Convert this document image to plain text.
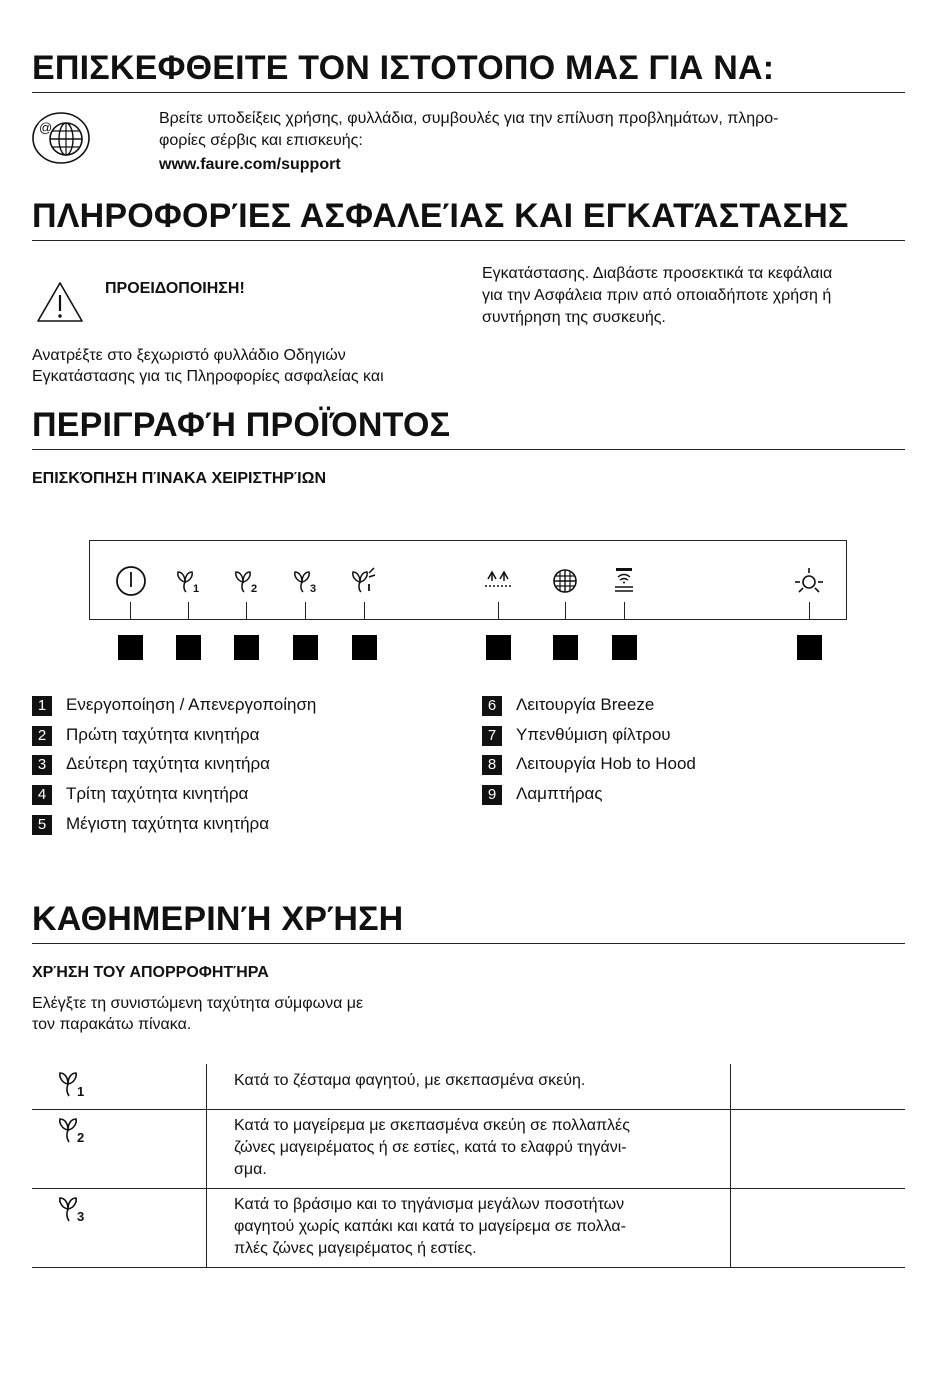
ΕΠΙΣΚΕΦΘΕΙΤΕ ΤΟΝ ΙΣΤΟΤΟΠΟ ΜΑΣ ΓΙΑ ΝΑ:
@
Βρείτε υποδείξεις χρήσης, φυλλάδια, συμβουλές για την επίλυση προβλημάτων, πληρο-
φορίες σέρβις και επισκευής:
www.faure.com/support
ΠΛΗΡΟΦΟΡΊΕΣ ΑΣΦΑΛΕΊΑΣ ΚΑΙ ΕΓΚΑΤΆΣΤΑΣΗΣ
ΠΡΟΕΙΔΟΠΟΙΗΣΗ!
Ανατρέξτε στο ξεχωριστό φυλλάδιο Οδηγιών
Εγκατάστασης για τις Πληροφορίες ασφαλείας και
Εγκατάστασης. Διαβάστε προσεκτικά τα κεφάλαια
για την Ασφάλεια πριν από οποιαδήποτε χρήση ή
συντήρηση της συσκευής.
ΠΕΡΙΓΡΑΦΉ ΠΡΟΪΌΝΤΟΣ
ΕΠΙΣΚΌΠΗΣΗ ΠΊΝΑΚΑ ΧΕΙΡΙΣΤΗΡΊΩΝ
1	2	3
1 Ενεργοποίηση / Απενεργοποίηση
2 Πρώτη ταχύτητα κινητήρα
3 Δεύτερη ταχύτητα κινητήρα
4 Τρίτη ταχύτητα κινητήρα
5 Μέγιστη ταχύτητα κινητήρα
6 Λειτουργία Breeze
7 Υπενθύμιση φίλτρου
8 Λειτουργία Hob to Hood
9 Λαμπτήρας
ΚΑΘΗΜΕΡΙΝΉ ΧΡΉΣΗ
ΧΡΉΣΗ ΤΟΥ ΑΠΟΡΡΟΦΗΤΉΡΑ
Ελέγξτε τη συνιστώμενη ταχύτητα σύμφωνα με
τον παρακάτω πίνακα.
1
Κατά το ζέσταμα φαγητού, με σκεπασμένα σκεύη.
2
Κατά το μαγείρεμα με σκεπασμένα σκεύη σε πολλαπλές
ζώνες μαγειρέματος ή σε εστίες, κατά το ελαφρύ τηγάνι-
σμα.
3
Κατά το βράσιμο και το τηγάνισμα μεγάλων ποσοτήτων
φαγητού χωρίς καπάκι και κατά το μαγείρεμα σε πολλα-
πλές ζώνες μαγειρέματος ή εστίες.
